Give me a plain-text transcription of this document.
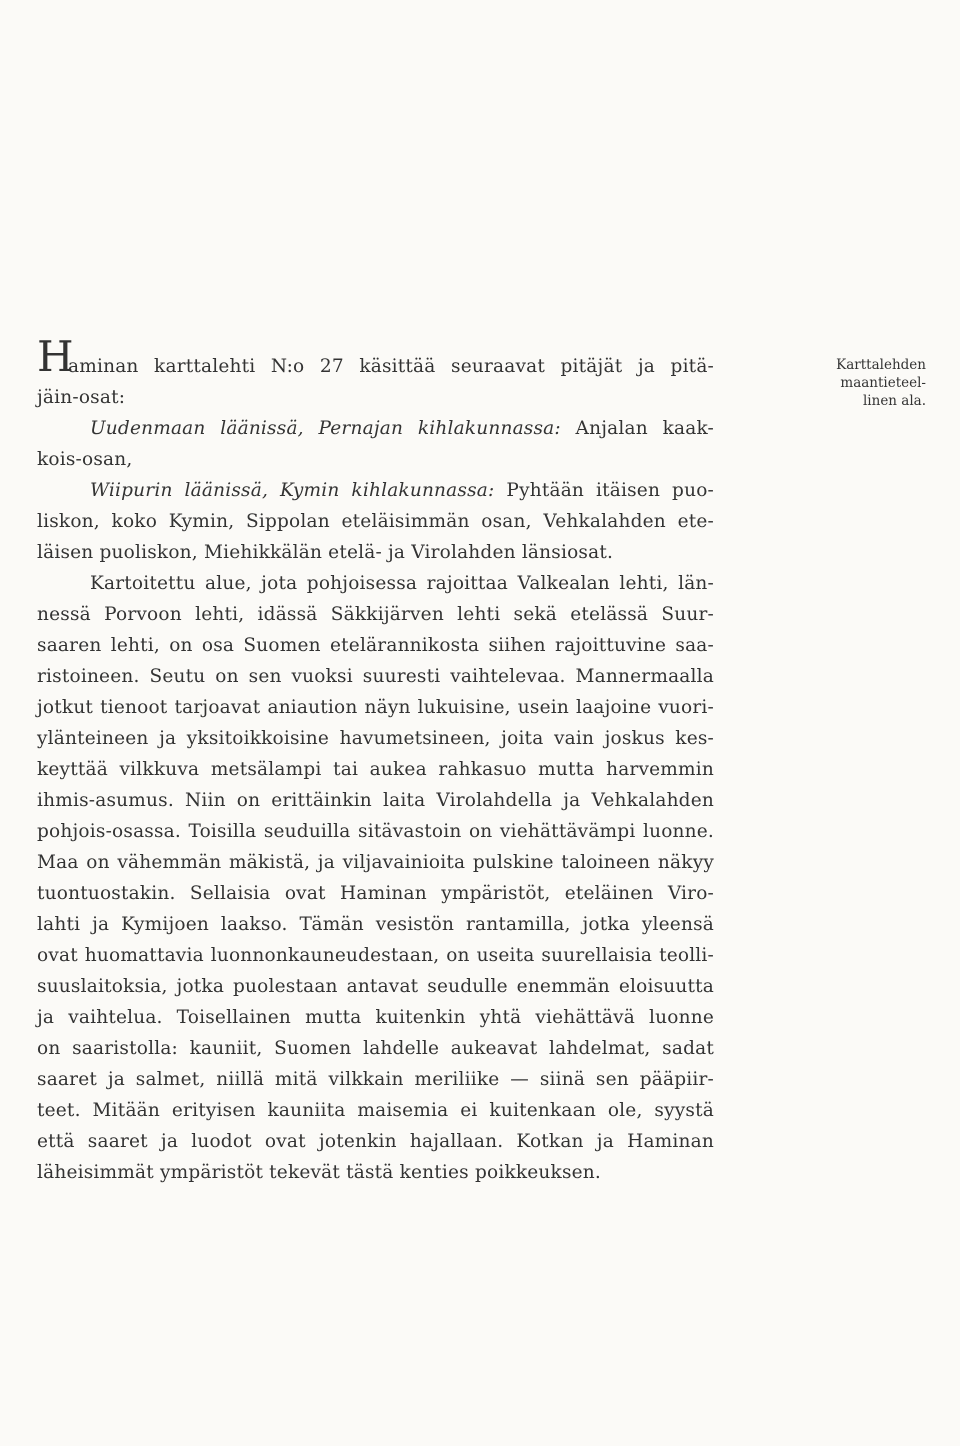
H	Karttalehden
maantieteel-
linen ala.
aminan karttalehti N:o 27 käsittää seuraavat pitäjät ja pitä-
jäin-osat:
Uudenmaan läänissä, Pernajan kihlakunnassa: Anjalan kaak-
kois-osan,
Wiipurin läänissä, Kymin kihlakunnassa: Pyhtään itäisen puo-
liskon, koko Kymin, Sippolan eteläisimmän osan, Vehkalahden ete-
läisen puoliskon, Miehikkälän etelä- ja Virolahden länsiosat.
Kartoitettu alue, jota pohjoisessa rajoittaa Valkealan lehti, län-
nessä Porvoon lehti, idässä Säkkijärven lehti sekä etelässä Suur-
saaren lehti, on osa Suomen etelärannikosta siihen rajoittuvine saa-
ristoineen. Seutu on sen vuoksi suuresti vaihtelevaa. Mannermaalla
jotkut tienoot tarjoavat aniaution näyn lukuisine, usein laajoine vuori-
ylänteineen ja yksitoikkoisine havumetsineen, joita vain joskus kes-
keyttää vilkkuva metsälampi tai aukea rahkasuo mutta harvemmin
ihmis-asumus. Niin on erittäinkin laita Virolahdella ja Vehkalahden
pohjois-osassa. Toisilla seuduilla sitävastoin on viehättävämpi luonne.
Maa on vähemmän mäkistä, ja viljavainioita pulskine taloineen näkyy
tuontuostakin. Sellaisia ovat Haminan ympäristöt, eteläinen Viro-
lahti ja Kymijoen laakso. Tämän vesistön rantamilla, jotka yleensä
ovat huomattavia luonnonkauneudestaan, on useita suurellaisia teolli-
suuslaitoksia, jotka puolestaan antavat seudulle enemmän eloisuutta
ja vaihtelua. Toisellainen mutta kuitenkin yhtä viehättävä luonne
on saaristolla: kauniit, Suomen lahdelle aukeavat lahdelmat, sadat
saaret ja salmet, niillä mitä vilkkain meriliike — siinä sen pääpiir-
teet. Mitään erityisen kauniita maisemia ei kuitenkaan ole, syystä
että saaret ja luodot ovat jotenkin hajallaan. Kotkan ja Haminan
läheisimmät ympäristöt tekevät tästä kenties poikkeuksen.
